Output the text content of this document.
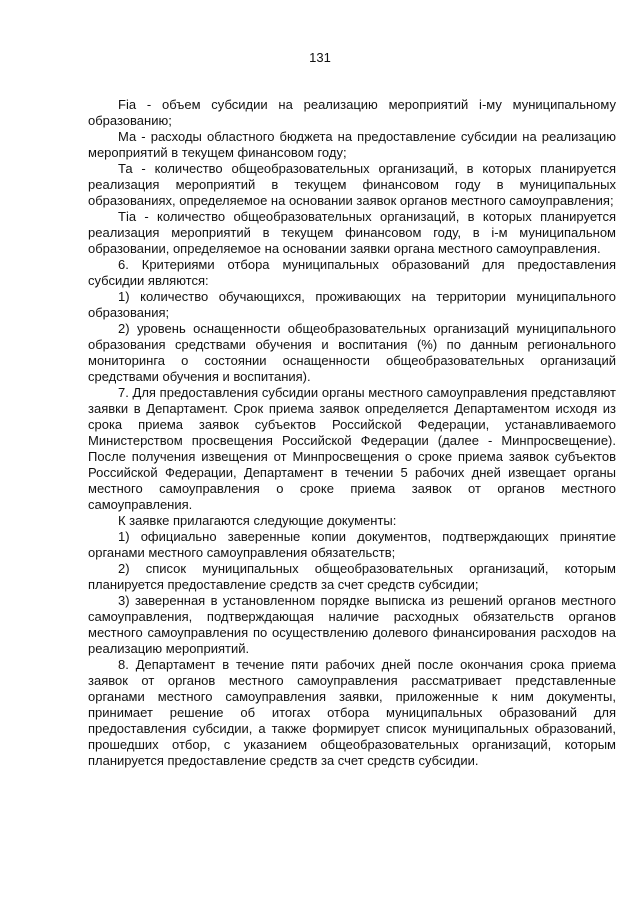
131

Fia - объем субсидии на реализацию мероприятий i-му муниципальному образованию;

Ма - расходы областного бюджета на предоставление субсидии на реализацию мероприятий в текущем финансовом году;

Та - количество общеобразовательных организаций, в которых планируется реализация мероприятий в текущем финансовом году в муниципальных образованиях, определяемое на основании заявок органов местного самоуправления;

Тiа - количество общеобразовательных организаций, в которых планируется реализация мероприятий в текущем финансовом году, в i-м муниципальном образовании, определяемое на основании заявки органа местного самоуправления.

6. Критериями отбора муниципальных образований для предоставления субсидии являются:

1) количество обучающихся, проживающих на территории муниципального образования;

2) уровень оснащенности общеобразовательных организаций муниципального образования средствами обучения и воспитания (%) по данным регионального мониторинга о состоянии оснащенности общеобразовательных организаций средствами обучения и воспитания).

7. Для предоставления субсидии органы местного самоуправления представляют заявки в Департамент. Срок приема заявок определяется Департаментом исходя из срока приема заявок субъектов Российской Федерации, устанавливаемого Министерством просвещения Российской Федерации (далее - Минпросвещение). После получения извещения от Минпросвещения о сроке приема заявок субъектов Российской Федерации, Департамент в течении 5 рабочих дней извещает органы местного самоуправления о сроке приема заявок от органов местного самоуправления.

К заявке прилагаются следующие документы:

1) официально заверенные копии документов, подтверждающих принятие органами местного самоуправления обязательств;

2) список муниципальных общеобразовательных организаций, которым планируется предоставление средств за счет средств субсидии;

3) заверенная в установленном порядке выписка из решений органов местного самоуправления, подтверждающая наличие расходных обязательств органов местного самоуправления по осуществлению долевого финансирования расходов на реализацию мероприятий.

8. Департамент в течение пяти рабочих дней после окончания срока приема заявок от органов местного самоуправления рассматривает представленные органами местного самоуправления заявки, приложенные к ним документы, принимает решение об итогах отбора муниципальных образований для предоставления субсидии, а также формирует список муниципальных образований, прошедших отбор, с указанием общеобразовательных организаций, которым планируется предоставление средств за счет средств субсидии.
